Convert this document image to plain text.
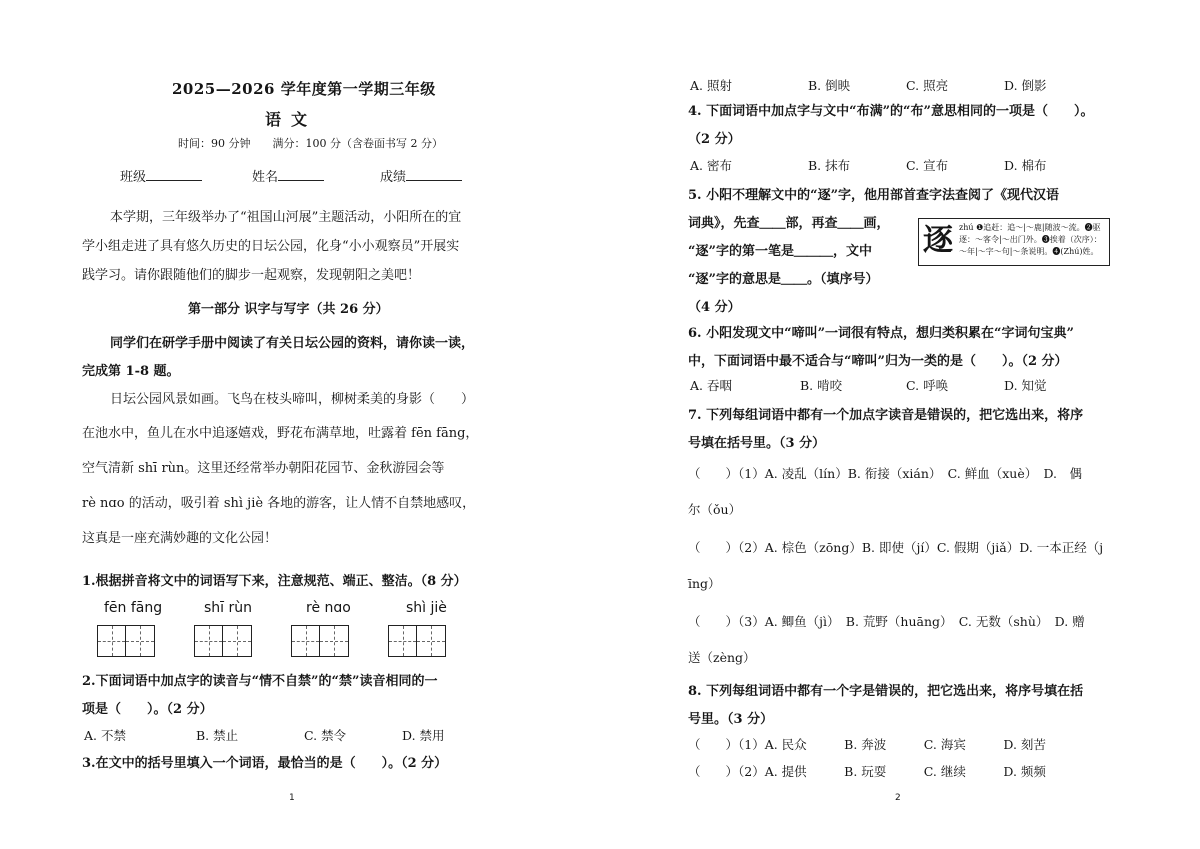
2025—2026 学年度第一学期三年级
语文
时间：90 分钟　　满分：100 分（含卷面书写 2 分）
班级	姓名	成绩
本学期，三年级举办了“祖国山河展”主题活动，小阳所在的宜
学小组走进了具有悠久历史的日坛公园，化身“小小观察员”开展实
践学习。请你跟随他们的脚步一起观察，发现朝阳之美吧！
第一部分 识字与写字（共 26 分）
同学们在研学手册中阅读了有关日坛公园的资料，请你读一读，
完成第 1-8 题。
日坛公园风景如画。飞鸟在枝头啼叫，柳树柔美的身影（　　）
在池水中，鱼儿在水中追逐嬉戏，野花布满草地，吐露着 fēn fāng，
空气清新 shī rùn。这里还经常举办朝阳花园节、金秋游园会等
rè nɑo 的活动，吸引着 shì jiè 各地的游客，让人情不自禁地感叹，
这真是一座充满妙趣的文化公园！
1.根据拼音将文中的词语写下来，注意规范、端正、整洁。（8 分）
fēn fāng	shī rùn	rè nɑo	shì jiè
2.下面词语中加点字的读音与“情不自禁”的“禁”读音相同的一
项是（　　）。（2 分）
A. 不禁	B. 禁止	C. 禁令	D. 禁用
3.在文中的括号里填入一个词语，最恰当的是（　　）。（2 分）
1
A. 照射	B. 倒映	C. 照亮	D. 倒影
4. 下面词语中加点字与文中“布满”的“布”意思相同的一项是（　　）。
（2 分）
A. 密布	B. 抹布	C. 宣布	D. 棉布
5. 小阳不理解文中的“逐”字，他用部首查字法查阅了《现代汉语
词典》，先查＿＿部，再查＿＿画，
“逐”字的第一笔是＿＿＿，文中
“逐”字的意思是＿＿。（填序号）
（4 分）
逐 zhú ❶追赶：追～|～鹿|随波～流。❷驱逐：～客令|～出门外。❸挨着（次序）：～年|～字～句|～条说明。❹(Zhú)姓。
6. 小阳发现文中“啼叫”一词很有特点，想归类积累在“字词句宝典”
中，下面词语中最不适合与“啼叫”归为一类的是（　　）。（2 分）
A. 吞咽	B. 啃咬	C. 呼唤	D. 知觉
7. 下列每组词语中都有一个加点字读音是错误的，把它选出来，将序
号填在括号里。（3 分）
（　　）（1）A. 凌乱（lín）B. 衔接（xián）　C. 鲜血（xuè）　D.　偶
尔（ǒu）
（　　）（2）A. 棕色（zōng）B. 即使（jí）C. 假期（jiǎ）D. 一本正经（j
īng）
（　　）（3）A. 鲫鱼（jì）　B. 荒野（huāng）　C. 无数（shù）　D. 赠
送（zèng）
8. 下列每组词语中都有一个字是错误的，把它选出来，将序号填在括
号里。（3 分）
（　　）（1）A. 民众　　　B. 奔波　　　C. 海宾　　　D. 刻苦
（　　）（2）A. 提供　　　B. 玩耍　　　C. 继续　　　D. 频频
2
